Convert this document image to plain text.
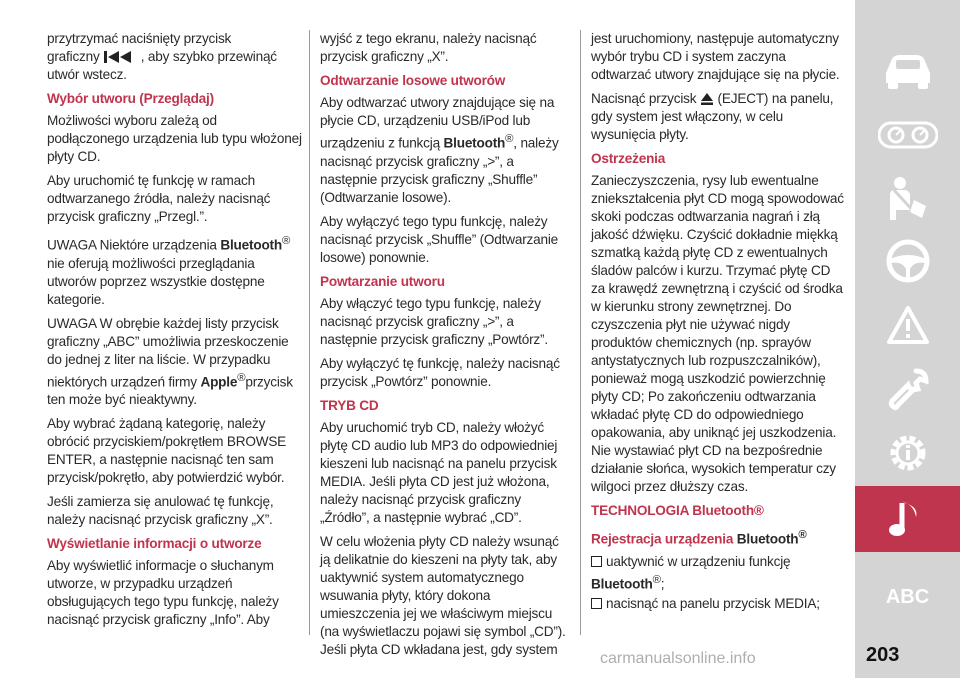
przytrzymać naciśnięty przycisk
graficzny	, aby szybko przewinąć
utwór wstecz.

Wybór utworu (Przeglądaj)

Możliwości wyboru zależą od podłączonego urządzenia lub typu włożonej płyty CD.

Aby uruchomić tę funkcję w ramach odtwarzanego źródła, należy nacisnąć przycisk graficzny „Przegl.”.

UWAGA Niektóre urządzenia Bluetooth® nie oferują możliwości przeglądania utworów poprzez wszystkie dostępne kategorie.

UWAGA W obrębie każdej listy przycisk graficzny „ABC” umożliwia przeskoczenie do jednej z liter na liście. W przypadku niektórych urządzeń firmy Apple®przycisk ten może być nieaktywny.

Aby wybrać żądaną kategorię, należy obrócić przyciskiem/pokrętłem BROWSE ENTER, a następnie nacisnąć ten sam przycisk/pokrętło, aby potwierdzić wybór.

Jeśli zamierza się anulować tę funkcję, należy nacisnąć przycisk graficzny „X”.

Wyświetlanie informacji o utworze

Aby wyświetlić informacje o słuchanym utworze, w przypadku urządzeń obsługujących tego typu funkcję, należy nacisnąć przycisk graficzny „Info”. Aby

wyjść z tego ekranu, należy nacisnąć przycisk graficzny „X”.

Odtwarzanie losowe utworów

Aby odtwarzać utwory znajdujące się na płycie CD, urządzeniu USB/iPod lub urządzeniu z funkcją Bluetooth®, należy nacisnąć przycisk graficzny „>”, a następnie przycisk graficzny „Shuffle” (Odtwarzanie losowe).

Aby wyłączyć tego typu funkcję, należy nacisnąć przycisk „Shuffle” (Odtwarzanie losowe) ponownie.

Powtarzanie utworu

Aby włączyć tego typu funkcję, należy nacisnąć przycisk graficzny „>”, a następnie przycisk graficzny „Powtórz”.

Aby wyłączyć tę funkcję, należy nacisnąć przycisk „Powtórz” ponownie.

TRYB CD

Aby uruchomić tryb CD, należy włożyć płytę CD audio lub MP3 do odpowiedniej kieszeni lub nacisnąć na panelu przycisk MEDIA. Jeśli płyta CD jest już włożona, należy nacisnąć przycisk graficzny „Źródło”, a następnie wybrać „CD”.

W celu włożenia płyty CD należy wsunąć ją delikatnie do kieszeni na płyty tak, aby uaktywnić system automatycznego wsuwania płyty, który dokona umieszczenia jej we właściwym miejscu (na wyświetlaczu pojawi się symbol „CD”). Jeśli płyta CD wkładana jest, gdy system

jest uruchomiony, następuje automatyczny wybór trybu CD i system zaczyna odtwarzać utwory znajdujące się na płycie.

Nacisnąć przycisk (EJECT) na panelu, gdy system jest włączony, w celu wysunięcia płyty.

Ostrzeżenia

Zanieczyszczenia, rysy lub ewentualne zniekształcenia płyt CD mogą spowodować skoki podczas odtwarzania nagrań i złą jakość dźwięku. Czyścić dokładnie miękką szmatką każdą płytę CD z ewentualnych śladów palców i kurzu. Trzymać płytę CD za krawędź zewnętrzną i czyścić od środka w kierunku strony zewnętrznej. Do czyszczenia płyt nie używać nigdy produktów chemicznych (np. sprayów antystatycznych lub rozpuszczalników), ponieważ mogą uszkodzić powierzchnię płyty CD; Po zakończeniu odtwarzania wkładać płytę CD do odpowiedniego opakowania, aby uniknąć jej uszkodzenia. Nie wystawiać płyt CD na bezpośrednie działanie słońca, wysokich temperatur czy wilgoci przez dłuższy czas.

TECHNOLOGIA Bluetooth®
Rejestracja urządzenia Bluetooth®

uaktywnić w urządzeniu funkcję
Bluetooth®;

nacisnąć na panelu przycisk MEDIA;	ABC
203
carmanualsonline.info
